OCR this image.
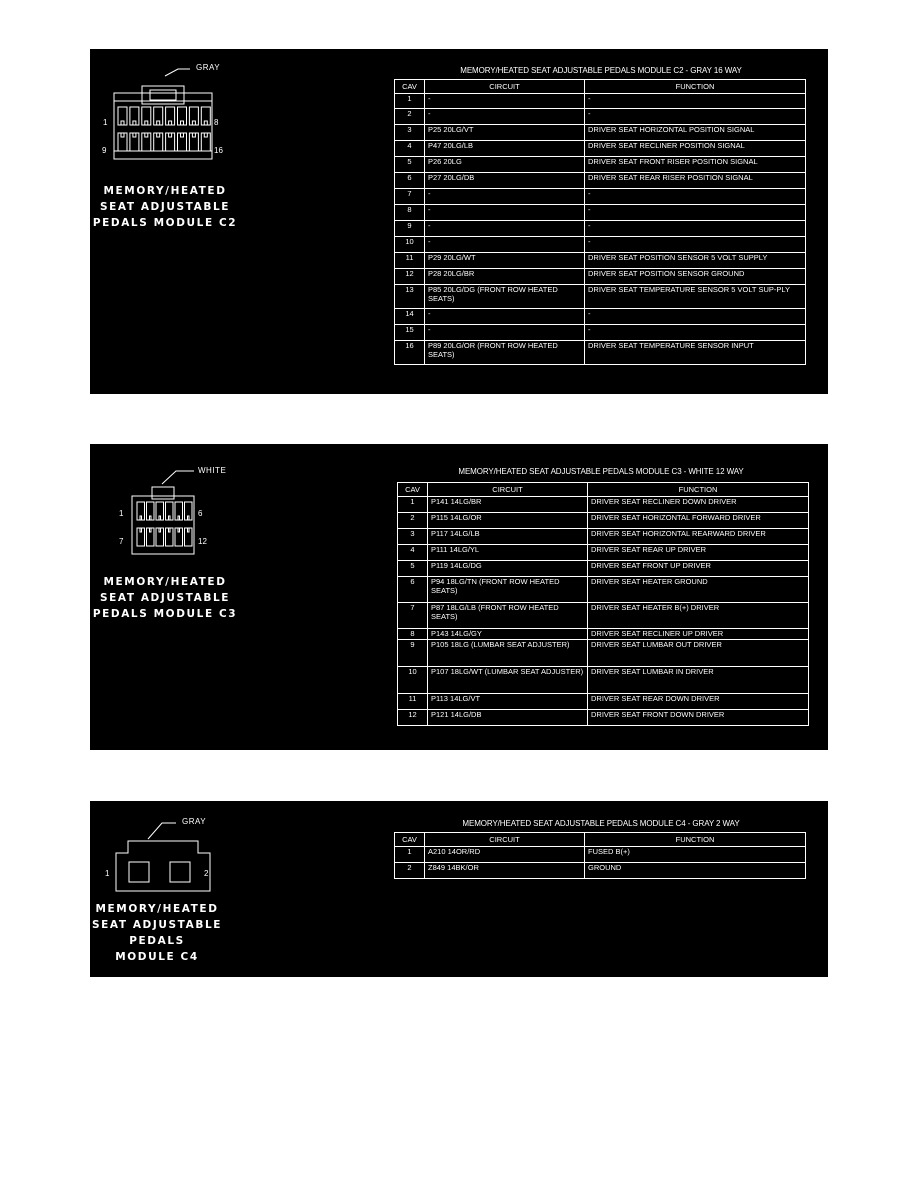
GRAY
1	8
9	16
MEMORY/HEATED
SEAT ADJUSTABLE
PEDALS MODULE C2
MEMORY/HEATED SEAT ADJUSTABLE PEDALS MODULE C2 - GRAY 16 WAY
CAV	CIRCUIT	FUNCTION
1	-	-
2	-	-
3	P25 20LG/VT	DRIVER SEAT HORIZONTAL POSITION SIGNAL
4	P47 20LG/LB	DRIVER SEAT RECLINER POSITION SIGNAL
5	P26 20LG	DRIVER SEAT FRONT RISER POSITION SIGNAL
6	P27 20LG/DB	DRIVER SEAT REAR RISER POSITION SIGNAL
7	-	-
8	-	-
9	-	-
10	-	-
11	P29 20LG/WT	DRIVER SEAT POSITION SENSOR 5 VOLT SUPPLY
12	P28 20LG/BR	DRIVER SEAT POSITION SENSOR GROUND
13	P85 20LG/DG (FRONT ROW HEATED SEATS)	DRIVER SEAT TEMPERATURE SENSOR 5 VOLT SUP-PLY
14	-	-
15	-	-
16	P89 20LG/OR (FRONT ROW HEATED SEATS)	DRIVER SEAT TEMPERATURE SENSOR INPUT
WHITE
1	6
7	12
MEMORY/HEATED
SEAT ADJUSTABLE
PEDALS MODULE C3
MEMORY/HEATED SEAT ADJUSTABLE PEDALS MODULE C3 - WHITE 12 WAY
CAV	CIRCUIT	FUNCTION
1	P141 14LG/BR	DRIVER SEAT RECLINER DOWN DRIVER
2	P115 14LG/OR	DRIVER SEAT HORIZONTAL FORWARD DRIVER
3	P117 14LG/LB	DRIVER SEAT HORIZONTAL REARWARD DRIVER
4	P111 14LG/YL	DRIVER SEAT REAR UP DRIVER
5	P119 14LG/DG	DRIVER SEAT FRONT UP DRIVER
6	P94 18LG/TN (FRONT ROW HEATED SEATS)	DRIVER SEAT HEATER GROUND
7	P87 18LG/LB (FRONT ROW HEATED SEATS)	DRIVER SEAT HEATER B(+) DRIVER
8	P143 14LG/GY	DRIVER SEAT RECLINER UP DRIVER
9	P105 18LG (LUMBAR SEAT ADJUSTER)	DRIVER SEAT LUMBAR OUT DRIVER
10	P107 18LG/WT (LUMBAR SEAT ADJUSTER)	DRIVER SEAT LUMBAR IN DRIVER
11	P113 14LG/VT	DRIVER SEAT REAR DOWN DRIVER
12	P121 14LG/DB	DRIVER SEAT FRONT DOWN DRIVER
GRAY
1	2
MEMORY/HEATED
SEAT ADJUSTABLE
PEDALS
MODULE C4
MEMORY/HEATED SEAT ADJUSTABLE PEDALS MODULE C4 - GRAY 2 WAY
CAV	CIRCUIT	FUNCTION
1	A210 14OR/RD	FUSED B(+)
2	Z849 14BK/OR	GROUND
